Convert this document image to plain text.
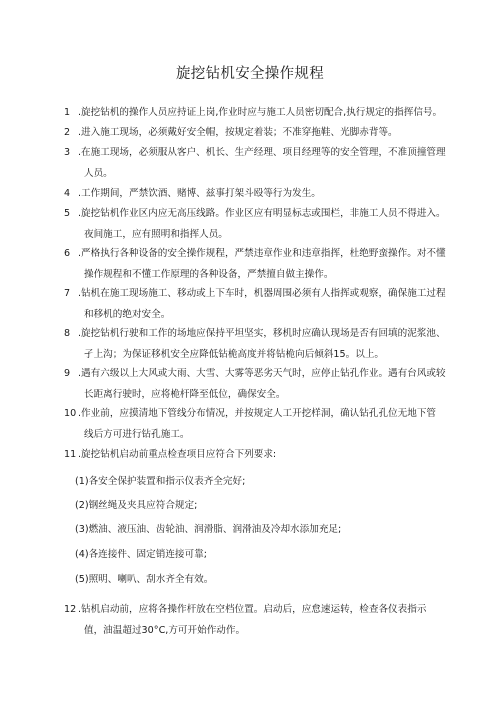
旋挖钻机安全操作规程
1 .旋挖钻机的操作人员应持证上岗,作业时应与施工人员密切配合,执行规定的指挥信号。
2 .进入施工现场，必须戴好安全帽，按规定着装；不准穿拖鞋、光脚赤背等。
3 .在施工现场，必须服从客户、机长、生产经理、项目经理等的安全管理，不准顶撞管理
人员。
4 .工作期间，严禁饮酒、赌博、兹事打架斗殴等行为发生。
5 .旋挖钻机作业区内应无高压线路。作业区应有明显标志或围栏，非施工人员不得进入。
夜间施工，应有照明和指挥人员。
6 .严格执行各种设备的安全操作规程，严禁违章作业和违章指挥，杜绝野蛮操作。对不懂
操作规程和不懂工作原理的各种设备，严禁擅自做主操作。
7 .钻机在施工现场施工、移动或上下车时，机器周围必须有人指挥或观察，确保施工过程
和移机的绝对安全。
8 .旋挖钻机行驶和工作的场地应保持平坦坚实，移机时应确认现场是否有回填的泥浆池、
孑上沟；为保证移机安全应降低钻桅高度并将钻桅向后倾斜15。以上。
9 .遇有六级以上大风或大雨、大雪、大雾等恶劣天气时，应停止钻孔作业。遇有台风或较
长距离行驶时，应将桅杆降至低位，确保安全。
10 .作业前，应摸清地下管线分布情况，并按规定人工开挖样洞，确认钻孔孔位无地下管
线后方可进行钻孔施工。
11 .旋挖钻机启动前重点检查项目应符合下列要求:
(1)各安全保护装置和指示仪表齐全完好;
(2)钢丝绳及夹具应符合规定;
(3)燃油、液压油、齿轮油、润滑脂、润滑油及冷却水添加充足;
(4)各连接件、固定销连接可靠;
(5)照明、喇叭、刮水齐全有效。
12 .钻机启动前，应将各操作杆放在空档位置。启动后，应怠速运转，检查各仪表指示
值，油温超过30°C,方可开始作动作。
